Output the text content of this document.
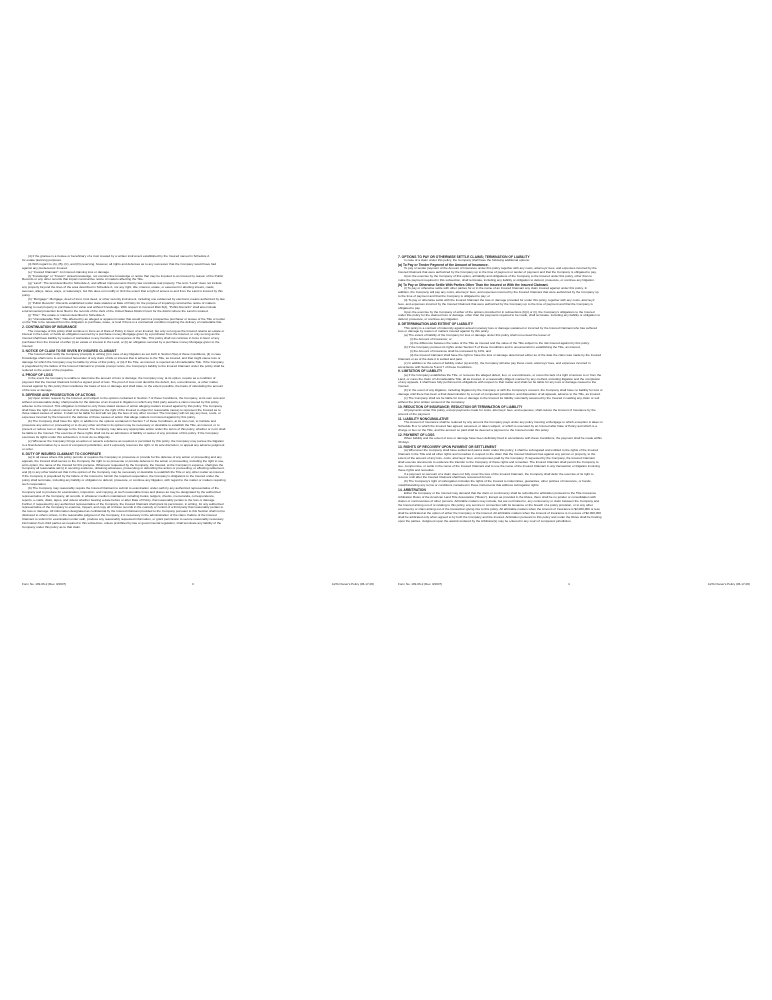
(4) if the grantee is a trustee or beneficiary of a trust created by a written instrument established by the Insured named in Schedule A

for estate planning purposes.

(ii) With regard to (A), (B), (C), and (D) reserving, however, all rights and defenses as to any successor that the Company would have had

against any predecessor Insured.

(e) "Insured Claimant": An Insured claiming loss or damage.

(f) "Knowledge" or "Known": Actual knowledge, not constructive knowledge or notice that may be imputed to an Insured by reason of the Public

Records or any other records that impart constructive notice of matters affecting the Title.

(g) "Land": The land described in Schedule A, and affixed improvements that by law constitute real property. The term "Land" does not include

any property beyond the lines of the area described in Schedule A, nor any right, title, interest, estate, or easement in abutting streets, roads,

avenues, alleys, lanes, ways, or waterways, but this does not modify or limit the extent that a right of access to and from the Land is insured by this

policy.

(h) "Mortgage": Mortgage, deed of trust, trust deed, or other security instrument, including one evidenced by electronic means authorized by law.

(i) "Public Records": Records established under state statutes at Date of Policy for the purpose of imparting constructive notice of matters

relating to real property to purchasers for value and without Knowledge. With respect to Covered Risk 5(d), "Public Records" shall also include

environmental protection liens filed in the records of the clerk of the United States District Court for the district where the Land is located.

(j) "Title": The estate or interest described in Schedule A.

(k) "Unmarketable Title": Title affected by an alleged or apparent matter that would permit a prospective purchaser or lessee of the Title or lender

on the Title to be released from the obligation to purchase, lease, or lend if there is a contractual condition requiring the delivery of marketable title.

2. CONTINUATION OF INSURANCE

The coverage of this policy shall continue in force as of Date of Policy in favor of an Insured, but only so long as the Insured retains an estate or

interest in the Land, or holds an obligation secured by a purchase money Mortgage given by a purchaser from the Insured, or only so long as the

Insured shall have liability by reason of warranties in any transfer or conveyance of the Title. This policy shall not continue in force in favor of any

purchaser from the Insured of either (i) an estate or interest in the Land, or (ii) an obligation secured by a purchase money Mortgage given to the

Insured.

3. NOTICE OF CLAIM TO BE GIVEN BY INSURED CLAIMANT

The Insured shall notify the Company promptly in writing (i) in case of any litigation as set forth in Section 5(a) of these Conditions, (ii) in case

Knowledge shall come to an Insured hereunder of any claim of title or interest that is adverse to the Title, as insured, and that might cause loss or

damage for which the Company may be liable by virtue of this policy, or (iii) if the Title, as insured, is rejected as Unmarketable Title. If the Company

is prejudiced by the failure of the Insured Claimant to provide prompt notice, the Company's liability to the Insured Claimant under the policy shall be

reduced to the extent of the prejudice.

4. PROOF OF LOSS

In the event the Company is unable to determine the amount of loss or damage, the Company may, at its option, require as a condition of

payment that the Insured Claimant furnish a signed proof of loss. The proof of loss must describe the defect, lien, encumbrance, or other matter

insured against by this policy that constitutes the basis of loss or damage and shall state, to the extent possible, the basis of calculating the amount

of the loss or damage.

5. DEFENSE AND PROSECUTION OF ACTIONS

(a) Upon written request by the Insured, and subject to the options contained in Section 7 of these Conditions, the Company, at its own cost and

without unreasonable delay, shall provide for the defense of an Insured in litigation in which any third party asserts a claim covered by this policy

adverse to the Insured. This obligation is limited to only those stated causes of action alleging matters insured against by this policy. The Company

shall have the right to select counsel of its choice (subject to the right of the Insured to object for reasonable cause) to represent the Insured as to

those stated causes of action. It shall not be liable for and will not pay the fees of any other counsel. The Company will not pay any fees, costs, or

expenses incurred by the Insured in the defense of those causes of action that allege matters not insured against by this policy.

(b) The Company shall have the right, in addition to the options contained in Section 7 of these Conditions, at its own cost, to institute and

prosecute any action or proceeding or to do any other act that in its opinion may be necessary or desirable to establish the Title, as insured, or to

prevent or reduce loss or damage to the Insured. The Company may take any appropriate action under the terms of this policy, whether or not it shall

be liable to the Insured. The exercise of these rights shall not be an admission of liability or waiver of any provision of this policy. If the Company

exercises its rights under this subsection, it must do so diligently.

(c) Whenever the Company brings an action or asserts a defense as required or permitted by this policy, the Company may pursue the litigation

to a final determination by a court of competent jurisdiction, and it expressly reserves the right, in its sole discretion, to appeal any adverse judgment

or order.

6. DUTY OF INSURED CLAIMANT TO COOPERATE

(a) In all cases where this policy permits or requires the Company to prosecute or provide for the defense of any action or proceeding and any

appeals, the Insured shall secure to the Company the right to so prosecute or provide defense in the action or proceeding, including the right to use,

at its option, the name of the Insured for this purpose. Whenever requested by the Company, the Insured, at the Company's expense, shall give the

Company all reasonable aid (i) in securing evidence, obtaining witnesses, prosecuting or defending the action or proceeding, or effecting settlement,

and (ii) in any other lawful act that in the opinion of the Company may be necessary or desirable to establish the Title or any other matter as insured.

If the Company is prejudiced by the failure of the Insured to furnish the required cooperation, the Company's obligations to the Insured under the

policy shall terminate, including any liability or obligation to defend, prosecute, or continue any litigation, with regard to the matter or matters requiring

such cooperation.

(b) The Company may reasonably require the Insured Claimant to submit to examination under oath by any authorized representative of the

Company and to produce for examination, inspection, and copying, at such reasonable times and places as may be designated by the authorized

representative of the Company, all records, in whatever medium maintained, including books, ledgers, checks, memoranda, correspondence,

reports, e-mails, disks, tapes, and videos whether bearing a date before or after Date of Policy, that reasonably pertain to the loss or damage.

Further, if requested by any authorized representative of the Company, the Insured Claimant shall grant its permission, in writing, for any authorized

representative of the Company to examine, inspect, and copy all of these records in the custody or control of a third party that reasonably pertain to

the loss or damage. All information designated as confidential by the Insured Claimant provided to the Company pursuant to this Section shall not be

disclosed to others unless, in the reasonable judgment of the Company, it is necessary in the administration of the claim. Failure of the Insured

Claimant to submit for examination under oath, produce any reasonably requested information, or grant permission to secure reasonably necessary

information from third parties as required in this subsection, unless prohibited by law or governmental regulation, shall terminate any liability of the

Company under this policy as to that claim.

Form No. 109-06-2 (Rev. 3/2007)	3	ALTA Owner's Policy (06-17-06)

7. OPTIONS TO PAY OR OTHERWISE SETTLE CLAIMS; TERMINATION OF LIABILITY

In case of a claim under this policy, the Company shall have the following additional options:

(a) To Pay or Tender Payment of the Amount of Insurance.

To pay or tender payment of the Amount of Insurance under this policy together with any costs, attorneys' fees, and expenses incurred by the

Insured Claimant that were authorized by the Company up to the time of payment or tender of payment and that the Company is obligated to pay.

Upon the exercise by the Company of this option, all liability and obligations of the Company to the Insured under this policy, other than to

make the payment required in this subsection, shall terminate, including any liability or obligation to defend, prosecute, or continue any litigation.

(b) To Pay or Otherwise Settle With Parties Other Than the Insured or With the Insured Claimant.

(i) To pay or otherwise settle with other parties for or in the name of an Insured Claimant any claim insured against under this policy. In

addition, the Company will pay any costs, attorneys' fees, and expenses incurred by the Insured Claimant that were authorized by the Company up

to the time of payment and that the Company is obligated to pay; or

(ii) To pay or otherwise settle with the Insured Claimant the loss or damage provided for under this policy, together with any costs, attorneys'

fees, and expenses incurred by the Insured Claimant that were authorized by the Company up to the time of payment and that the Company is

obligated to pay.

Upon the exercise by the Company of either of the options provided for in subsections (b)(i) or (ii), the Company's obligations to the Insured

under this policy for the claimed loss or damage, other than the payments required to be made, shall terminate, including any liability or obligation to

defend, prosecute, or continue any litigation.

8. DETERMINATION AND EXTENT OF LIABILITY

This policy is a contract of indemnity against actual monetary loss or damage sustained or incurred by the Insured Claimant who has suffered

loss or damage by reason of matters insured against by this policy.

(a) The extent of liability of the Company for loss or damage under this policy shall not exceed the lesser of

(i) the Amount of Insurance; or

(ii) the difference between the value of the Title as insured and the value of the Title subject to the risk insured against by this policy.

(b) If the Company pursues its rights under Section 5 of these Conditions and is unsuccessful in establishing the Title, as insured,

(i) the Amount of Insurance shall be increased by 10%, and

(ii) the Insured Claimant shall have the right to have the loss or damage determined either as of the date the claim was made by the Insured

Claimant or as of the date it is settled and paid.

(c) In addition to the extent of liability under (a) and (b), the Company will also pay those costs, attorneys' fees, and expenses incurred in

accordance with Sections 5 and 7 of these Conditions.

9. LIMITATION OF LIABILITY

(a) If the Company establishes the Title, or removes the alleged defect, lien, or encumbrance, or cures the lack of a right of access to or from the

Land, or cures the claim of Unmarketable Title, all as insured, in a reasonably diligent manner by any method, including litigation and the completion

of any appeals, it shall have fully performed its obligations with respect to that matter and shall not be liable for any loss or damage caused to the

Insured.

(b) In the event of any litigation, including litigation by the Company or with the Company's consent, the Company shall have no liability for loss or

damage until there has been a final determination by a court of competent jurisdiction, and disposition of all appeals, adverse to the Title, as insured.

(c) The Company shall not be liable for loss or damage to the Insured for liability voluntarily assumed by the Insured in settling any claim or suit

without the prior written consent of the Company.

10. REDUCTION OF INSURANCE; REDUCTION OR TERMINATION OF LIABILITY

All payments under this policy, except payments made for costs, attorneys' fees, and expenses, shall reduce the Amount of Insurance by the

amount of the payment.

11. LIABILITY NONCUMULATIVE

The Amount of Insurance shall be reduced by any amount the Company pays under any policy insuring a Mortgage to which exception is taken in

Schedule B or to which the Insured has agreed, assumed, or taken subject, or which is executed by an Insured after Date of Policy and which is a

charge or lien on the Title, and the amount so paid shall be deemed a payment to the Insured under this policy.

12. PAYMENT OF LOSS

When liability and the extent of loss or damage have been definitely fixed in accordance with these Conditions, the payment shall be made within

30 days.

13. RIGHTS OF RECOVERY UPON PAYMENT OR SETTLEMENT

(a) Whenever the Company shall have settled and paid a claim under this policy, it shall be subrogated and entitled to the rights of the Insured

Claimant in the Title and all other rights and remedies in respect to the claim that the Insured Claimant has against any person or property, to the

extent of the amount of any loss, costs, attorneys' fees, and expenses paid by the Company. If requested by the Company, the Insured Claimant

shall execute documents to evidence the transfer to the Company of these rights and remedies. The Insured Claimant shall permit the Company to

sue, compromise, or settle in the name of the Insured Claimant and to use the name of the Insured Claimant in any transaction or litigation involving

these rights and remedies.

If a payment on account of a claim does not fully cover the loss of the Insured Claimant, the Company shall defer the exercise of its right to

recover until after the Insured Claimant shall have recovered its loss.

(b) The Company's right of subrogation includes the rights of the Insured to indemnities, guaranties, other policies of insurance, or bonds,

notwithstanding any terms or conditions contained in those instruments that address subrogation rights.

14. ARBITRATION

Either the Company or the Insured may demand that the claim or controversy shall be submitted to arbitration pursuant to the Title Insurance

Arbitration Rules of the American Land Title Association ("Rules"). Except as provided in the Rules, there shall be no joinder or consolidation with

claims or controversies of other persons. Arbitrable matters may include, but are not limited to, any controversy or claim between the Company and

the Insured arising out of or relating to this policy, any service in connection with its issuance or the breach of a policy provision, or to any other

controversy or claim arising out of the transaction giving rise to this policy. All arbitrable matters when the Amount of Insurance is $2,000,000 or less

shall be arbitrated at the option of either the Company or the Insured. All arbitrable matters when the Amount of Insurance is in excess of $2,000,000

shall be arbitrated only when agreed to by both the Company and the Insured. Arbitration pursuant to this policy and under the Rules shall be binding

upon the parties. Judgment upon the award rendered by the Arbitrator(s) may be entered in any court of competent jurisdiction.

Form No. 109-06-2 (Rev. 3/2007)	4	ALTA Owner's Policy (06-17-06)
